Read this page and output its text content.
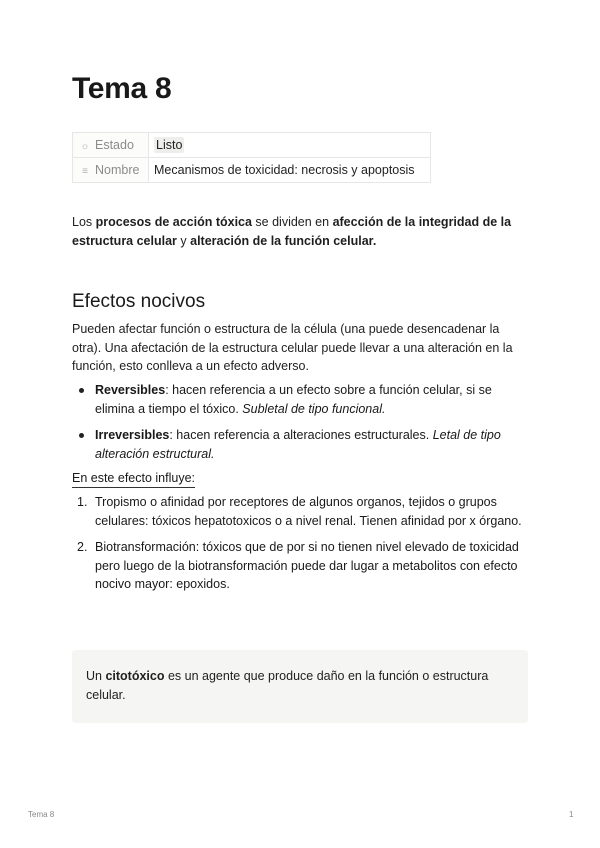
Tema 8
☼ Estado	Listo
≡ Nombre	Mecanismos de toxicidad: necrosis y apoptosis

Los procesos de acción tóxica se dividen en afección de la integridad de la estructura celular y alteración de la función celular.

Efectos nocivos

Pueden afectar función o estructura de la célula (una puede desencadenar la otra). Una afectación de la estructura celular puede llevar a una alteración en la función, esto conlleva a un efecto adverso.

Reversibles: hacen referencia a un efecto sobre a función celular, si se elimina a tiempo el tóxico. Subletal de tipo funcional.
Irreversibles: hacen referencia a alteraciones estructurales. Letal de tipo alteración estructural.
En este efecto influye:
1. Tropismo o afinidad por receptores de algunos organos, tejidos o grupos celulares: tóxicos hepatotoxicos o a nivel renal. Tienen afinidad por x órgano.
2. Biotransformación: tóxicos que de por si no tienen nivel elevado de toxicidad pero luego de la biotransformación puede dar lugar a metabolitos con efecto nocivo mayor: epoxidos.
Un citotóxico es un agente que produce daño en la función o estructura celular.
Tema 8	1
